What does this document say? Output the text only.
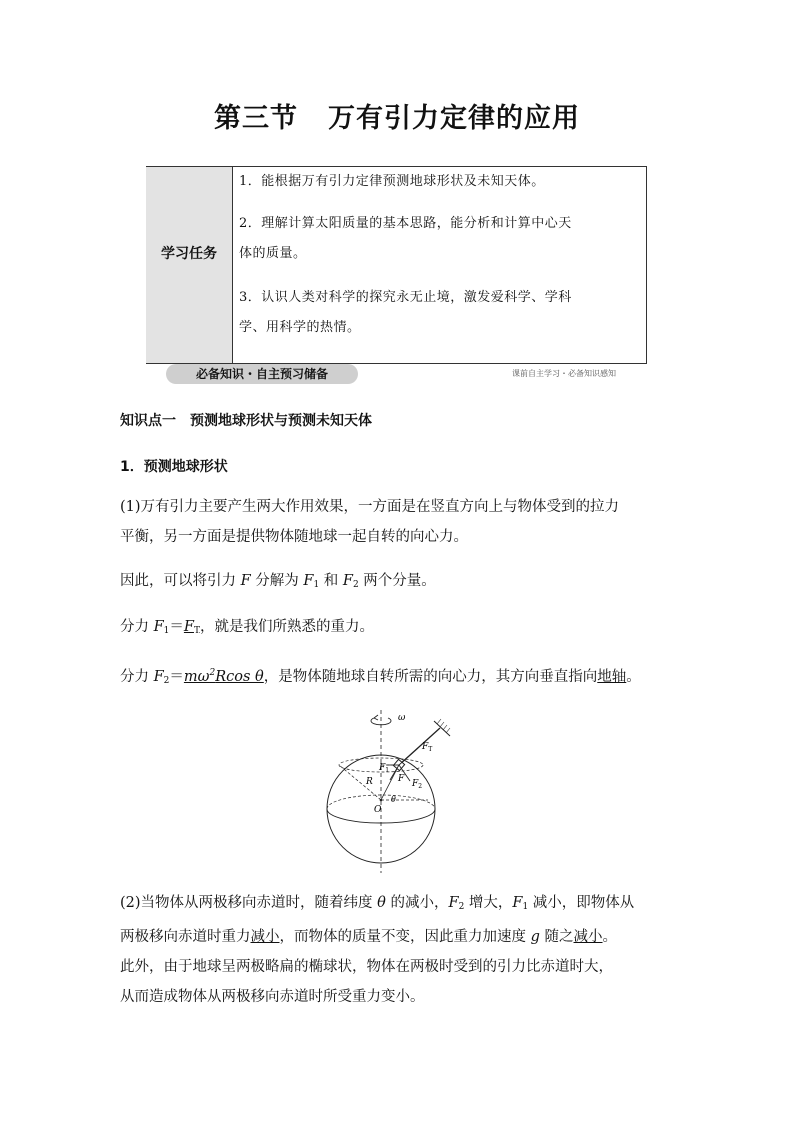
第三节 万有引力定律的应用
学习任务
1．能根据万有引力定律预测地球形状及未知天体。
2．理解计算太阳质量的基本思路，能分析和计算中心天
体的质量。
3．认识人类对科学的探究永无止境，激发爱科学、学科
学、用科学的热情。
必备知识・自主预习储备	课前自主学习・必备知识感知
知识点一　预测地球形状与预测未知天体
1．预测地球形状
(1)万有引力主要产生两大作用效果，一方面是在竖直方向上与物体受到的拉力
平衡，另一方面是提供物体随地球一起自转的向心力。
因此，可以将引力 F 分解为 $F_1$ 和 $F_2$ 两个分量。
分力 $F_1=F_T$，就是我们所熟悉的重力。
分力 $F_2=m\omega^2Rcos$ θ，是物体随地球自转所需的向心力，其方向垂直指向地轴。
ω
$F_T$
$F_1$
F $F_2$
R
O
θ
(2)当物体从两极移向赤道时，随着纬度 θ 的减小，$F_2$ 增大，$F_1$ 减小，即物体从
两极移向赤道时重力减小，而物体的质量不变，因此重力加速度 g 随之减小。
此外，由于地球呈两极略扁的椭球状，物体在两极时受到的引力比赤道时大，
从而造成物体从两极移向赤道时所受重力变小。
